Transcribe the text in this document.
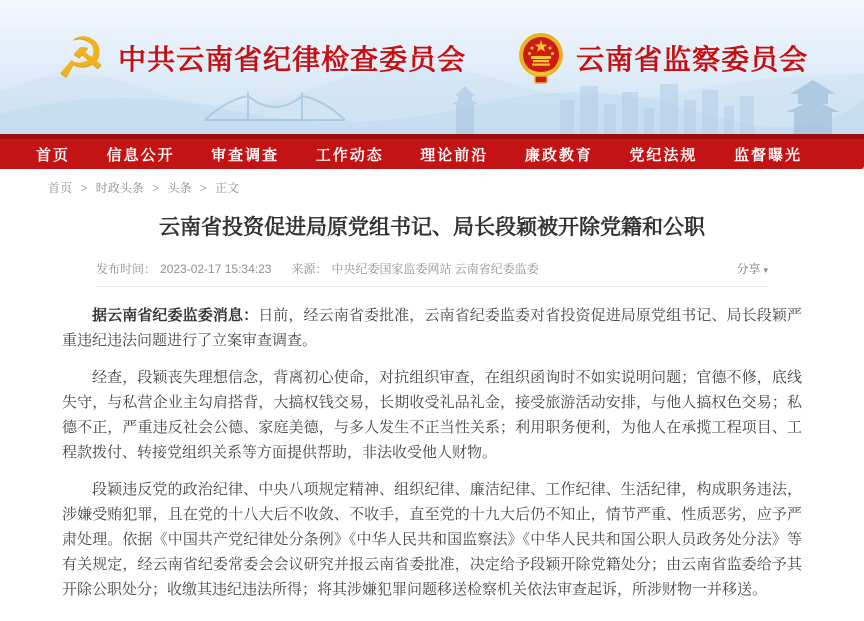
☭ 中共云南省纪律检查委员会	云南省监察委员会
首页 信息公开 审查调查 工作动态 理论前沿 廉政教育 党纪法规 监督曝光
首页 > 时政头条 > 头条 > 正文
云南省投资促进局原党组书记、局长段颖被开除党籍和公职
发布时间： 2023-02-17 15:34:23 来源： 中央纪委国家监委网站 云南省纪委监委	分享 ▾

据云南省纪委监委消息：日前，经云南省委批准，云南省纪委监委对省投资促进局原党组书记、局长段颖严重违纪违法问题进行了立案审查调查。

经查，段颖丧失理想信念，背离初心使命，对抗组织审查，在组织函询时不如实说明问题；官德不修，底线失守，与私营企业主勾肩搭背，大搞权钱交易，长期收受礼品礼金，接受旅游活动安排，与他人搞权色交易；私德不正，严重违反社会公德、家庭美德，与多人发生不正当性关系；利用职务便利，为他人在承揽工程项目、工程款拨付、转接党组织关系等方面提供帮助，非法收受他人财物。

段颖违反党的政治纪律、中央八项规定精神、组织纪律、廉洁纪律、工作纪律、生活纪律，构成职务违法，涉嫌受贿犯罪，且在党的十八大后不收敛、不收手，直至党的十九大后仍不知止，情节严重、性质恶劣，应予严肃处理。依据《中国共产党纪律处分条例》《中华人民共和国监察法》《中华人民共和国公职人员政务处分法》等有关规定，经云南省纪委常委会会议研究并报云南省委批准，决定给予段颖开除党籍处分；由云南省监委给予其开除公职处分；收缴其违纪违法所得；将其涉嫌犯罪问题移送检察机关依法审查起诉，所涉财物一并移送。
